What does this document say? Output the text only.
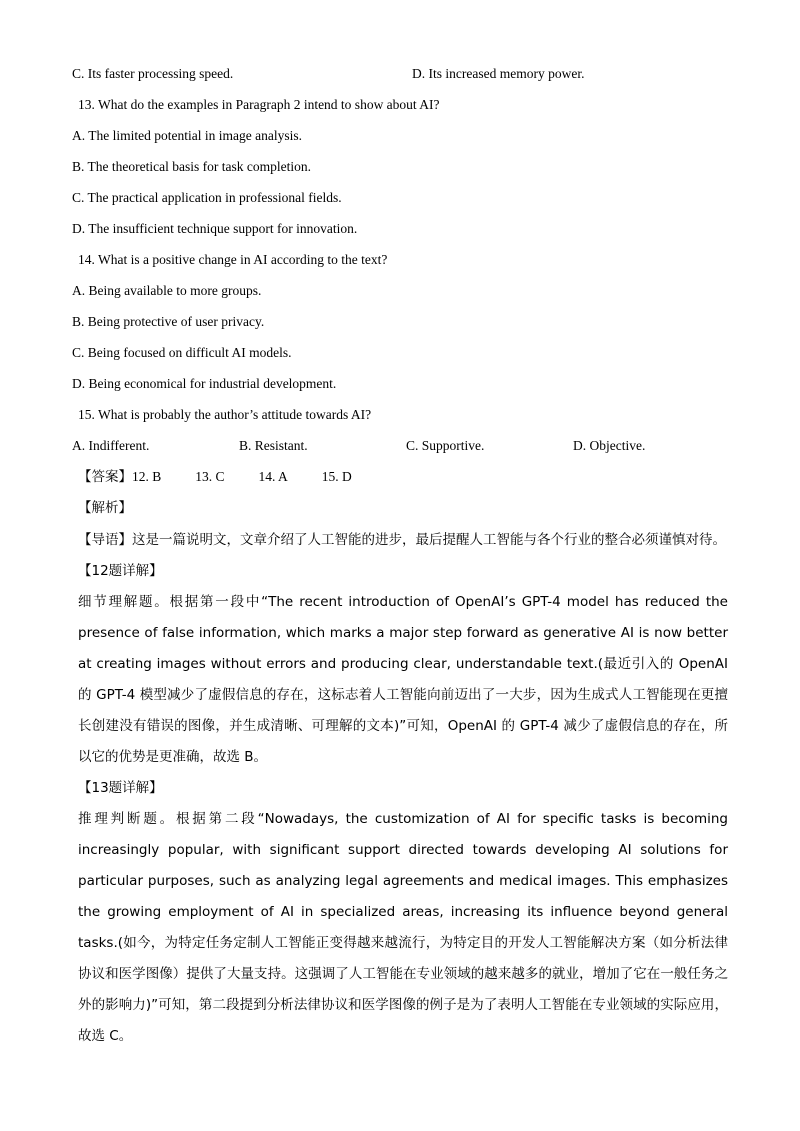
C. Its faster processing speed.	D. Its increased memory power.
13. What do the examples in Paragraph 2 intend to show about AI?
A. The limited potential in image analysis.
B. The theoretical basis for task completion.
C. The practical application in professional fields.
D. The insufficient technique support for innovation.
14. What is a positive change in AI according to the text?
A. Being available to more groups.
B. Being protective of user privacy.
C. Being focused on difficult AI models.
D. Being economical for industrial development.
15. What is probably the author’s attitude towards AI?
A. Indifferent.	B. Resistant.	C. Supportive.	D. Objective.
【答案】12. B	13. C	14. A	15. D
【解析】
【导语】这是一篇说明文，文章介绍了人工智能的进步，最后提醒人工智能与各个行业的整合必须谨慎对待。
【12题详解】
细节理解题。根据第一段中“The recent introduction of OpenAI’s GPT-4 model has reduced the presence of false information, which marks a major step forward as generative AI is now better at creating images without errors and producing clear, understandable text.(最近引入的 OpenAI 的 GPT-4 模型减少了虚假信息的存在，这标志着人工智能向前迈出了一大步，因为生成式人工智能现在更擅长创建没有错误的图像，并生成清晰、可理解的文本)”可知，OpenAI 的 GPT-4 减少了虚假信息的存在，所以它的优势是更准确，故选 B。
【13题详解】
推理判断题。根据第二段“Nowadays, the customization of AI for specific tasks is becoming increasingly popular, with significant support directed towards developing AI solutions for particular purposes, such as analyzing legal agreements and medical images. This emphasizes the growing employment of AI in specialized areas, increasing its influence beyond general tasks.(如今，为特定任务定制人工智能正变得越来越流行，为特定目的开发人工智能解决方案（如分析法律协议和医学图像）提供了大量支持。这强调了人工智能在专业领域的越来越多的就业，增加了它在一般任务之外的影响力)”可知，第二段提到分析法律协议和医学图像的例子是为了表明人工智能在专业领域的实际应用，故选 C。
